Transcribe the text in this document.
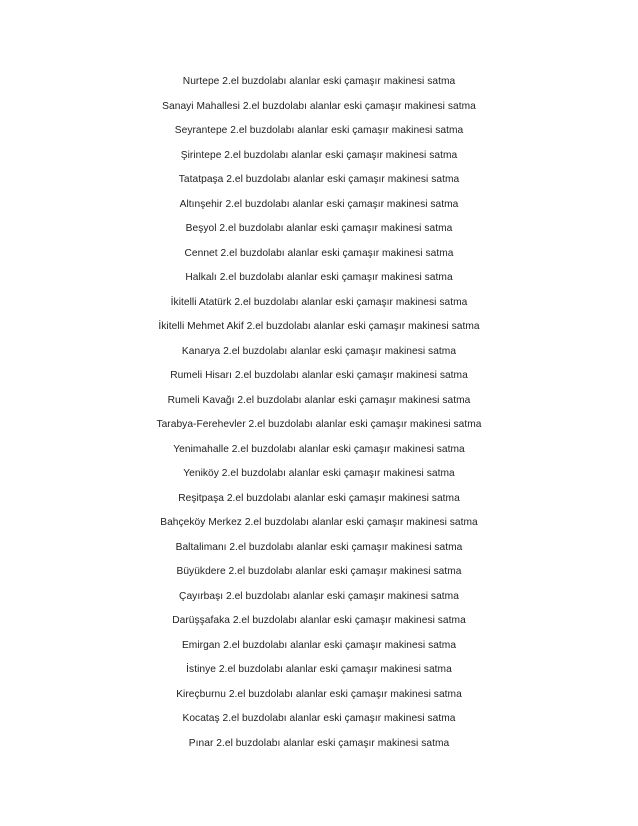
Nurtepe 2.el buzdolabı alanlar eski çamaşır makinesi satma
Sanayi Mahallesi 2.el buzdolabı alanlar eski çamaşır makinesi satma
Seyrantepe 2.el buzdolabı alanlar eski çamaşır makinesi satma
Şirintepe 2.el buzdolabı alanlar eski çamaşır makinesi satma
Tatatpaşa 2.el buzdolabı alanlar eski çamaşır makinesi satma
Altınşehir 2.el buzdolabı alanlar eski çamaşır makinesi satma
Beşyol 2.el buzdolabı alanlar eski çamaşır makinesi satma
Cennet 2.el buzdolabı alanlar eski çamaşır makinesi satma
Halkalı 2.el buzdolabı alanlar eski çamaşır makinesi satma
İkitelli Atatürk 2.el buzdolabı alanlar eski çamaşır makinesi satma
İkitelli Mehmet Akif 2.el buzdolabı alanlar eski çamaşır makinesi satma
Kanarya 2.el buzdolabı alanlar eski çamaşır makinesi satma
Rumeli Hisarı 2.el buzdolabı alanlar eski çamaşır makinesi satma
Rumeli Kavağı 2.el buzdolabı alanlar eski çamaşır makinesi satma
Tarabya-Ferehevler 2.el buzdolabı alanlar eski çamaşır makinesi satma
Yenimahalle 2.el buzdolabı alanlar eski çamaşır makinesi satma
Yeniköy 2.el buzdolabı alanlar eski çamaşır makinesi satma
Reşitpaşa 2.el buzdolabı alanlar eski çamaşır makinesi satma
Bahçeköy Merkez 2.el buzdolabı alanlar eski çamaşır makinesi satma
Baltalimanı 2.el buzdolabı alanlar eski çamaşır makinesi satma
Büyükdere 2.el buzdolabı alanlar eski çamaşır makinesi satma
Çayırbaşı 2.el buzdolabı alanlar eski çamaşır makinesi satma
Darüşşafaka 2.el buzdolabı alanlar eski çamaşır makinesi satma
Emirgan 2.el buzdolabı alanlar eski çamaşır makinesi satma
İstinye 2.el buzdolabı alanlar eski çamaşır makinesi satma
Kireçburnu 2.el buzdolabı alanlar eski çamaşır makinesi satma
Kocataş 2.el buzdolabı alanlar eski çamaşır makinesi satma
Pınar 2.el buzdolabı alanlar eski çamaşır makinesi satma
